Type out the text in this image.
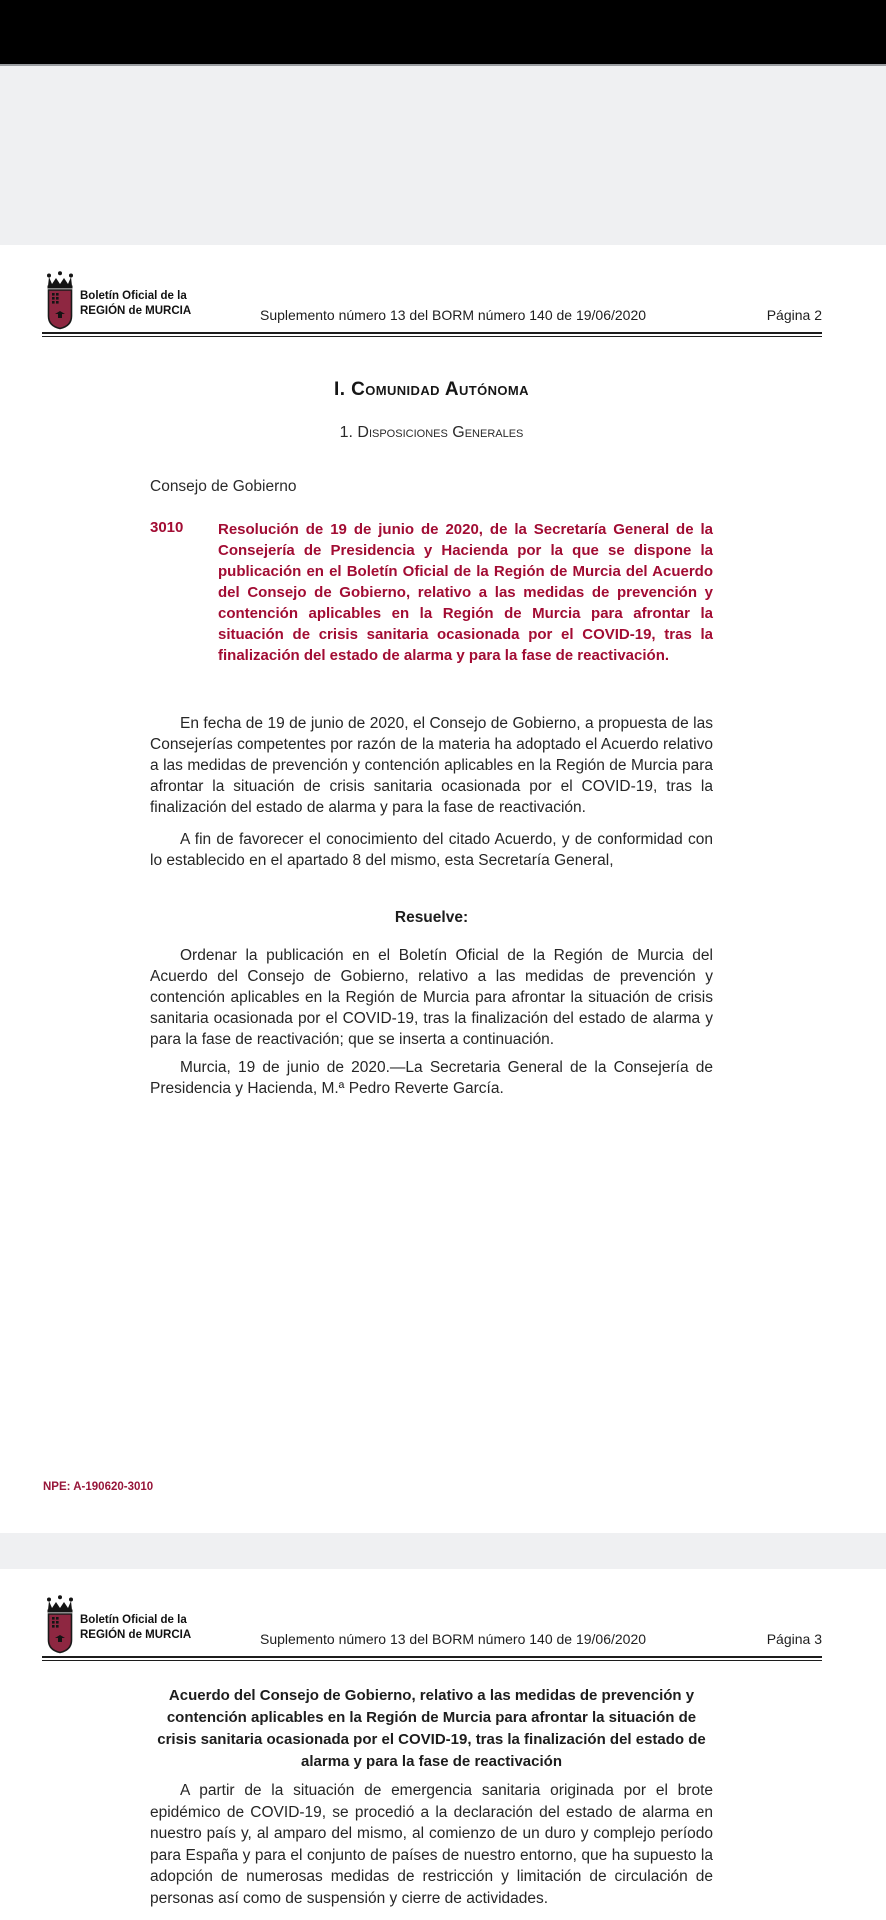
Boletín Oficial de la
REGIÓN de MURCIA	Suplemento número 13 del BORM número 140 de 19/06/2020	Página 2
I. Comunidad Autónoma
1. Disposiciones Generales
Consejo de Gobierno
3010 Resolución de 19 de junio de 2020, de la Secretaría General de la Consejería de Presidencia y Hacienda por la que se dispone la publicación en el Boletín Oficial de la Región de Murcia del Acuerdo del Consejo de Gobierno, relativo a las medidas de prevención y contención aplicables en la Región de Murcia para afrontar la situación de crisis sanitaria ocasionada por el COVID-19, tras la finalización del estado de alarma y para la fase de reactivación.
En fecha de 19 de junio de 2020, el Consejo de Gobierno, a propuesta de las Consejerías competentes por razón de la materia ha adoptado el Acuerdo relativo a las medidas de prevención y contención aplicables en la Región de Murcia para afrontar la situación de crisis sanitaria ocasionada por el COVID-19, tras la finalización del estado de alarma y para la fase de reactivación.
A fin de favorecer el conocimiento del citado Acuerdo, y de conformidad con lo establecido en el apartado 8 del mismo, esta Secretaría General,
Resuelve:
Ordenar la publicación en el Boletín Oficial de la Región de Murcia del Acuerdo del Consejo de Gobierno, relativo a las medidas de prevención y contención aplicables en la Región de Murcia para afrontar la situación de crisis sanitaria ocasionada por el COVID-19, tras la finalización del estado de alarma y para la fase de reactivación; que se inserta a continuación.
Murcia, 19 de junio de 2020.—La Secretaria General de la Consejería de Presidencia y Hacienda, M.ª Pedro Reverte García.
NPE: A-190620-3010
Boletín Oficial de la
REGIÓN de MURCIA	Suplemento número 13 del BORM número 140 de 19/06/2020	Página 3
Acuerdo del Consejo de Gobierno, relativo a las medidas de prevención y contención aplicables en la Región de Murcia para afrontar la situación de crisis sanitaria ocasionada por el COVID-19, tras la finalización del estado de alarma y para la fase de reactivación
A partir de la situación de emergencia sanitaria originada por el brote epidémico de COVID-19, se procedió a la declaración del estado de alarma en nuestro país y, al amparo del mismo, al comienzo de un duro y complejo período para España y para el conjunto de países de nuestro entorno, que ha supuesto la adopción de numerosas medidas de restricción y limitación de circulación de personas así como de suspensión y cierre de actividades.
